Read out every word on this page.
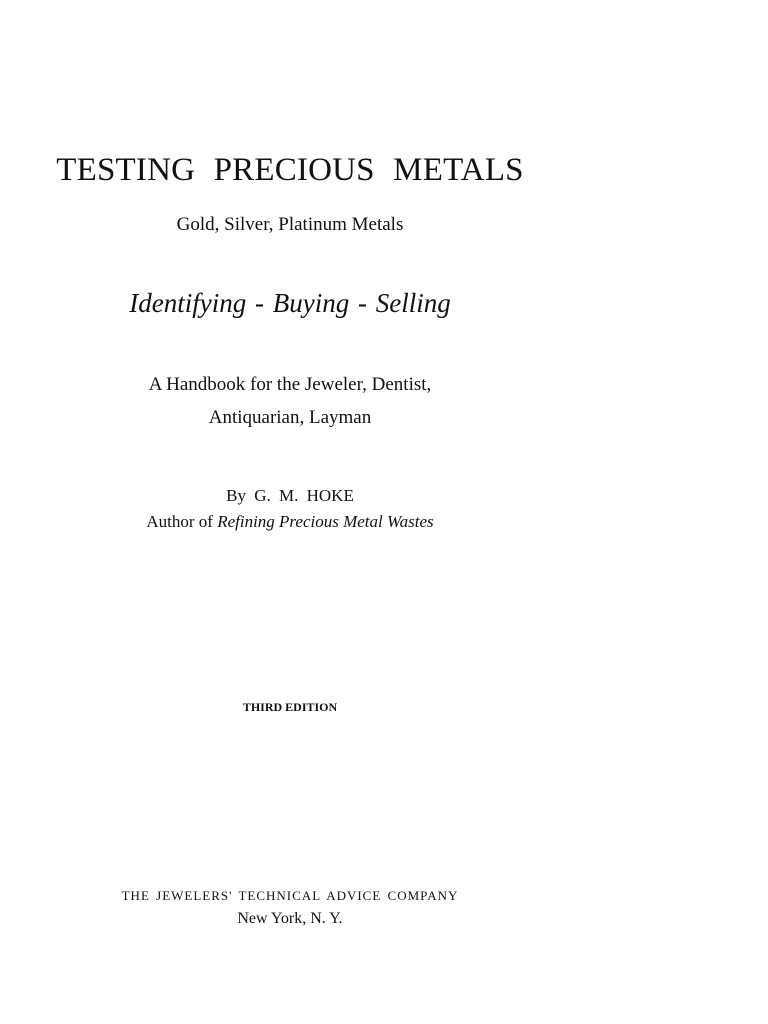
TESTING PRECIOUS METALS
Gold, Silver, Platinum Metals
Identifying - Buying - Selling
A Handbook for the Jeweler, Dentist,
Antiquarian, Layman
By G. M. HOKE
Author of Refining Precious Metal Wastes
THIRD EDITION
THE JEWELERS' TECHNICAL ADVICE COMPANY
New York, N. Y.
